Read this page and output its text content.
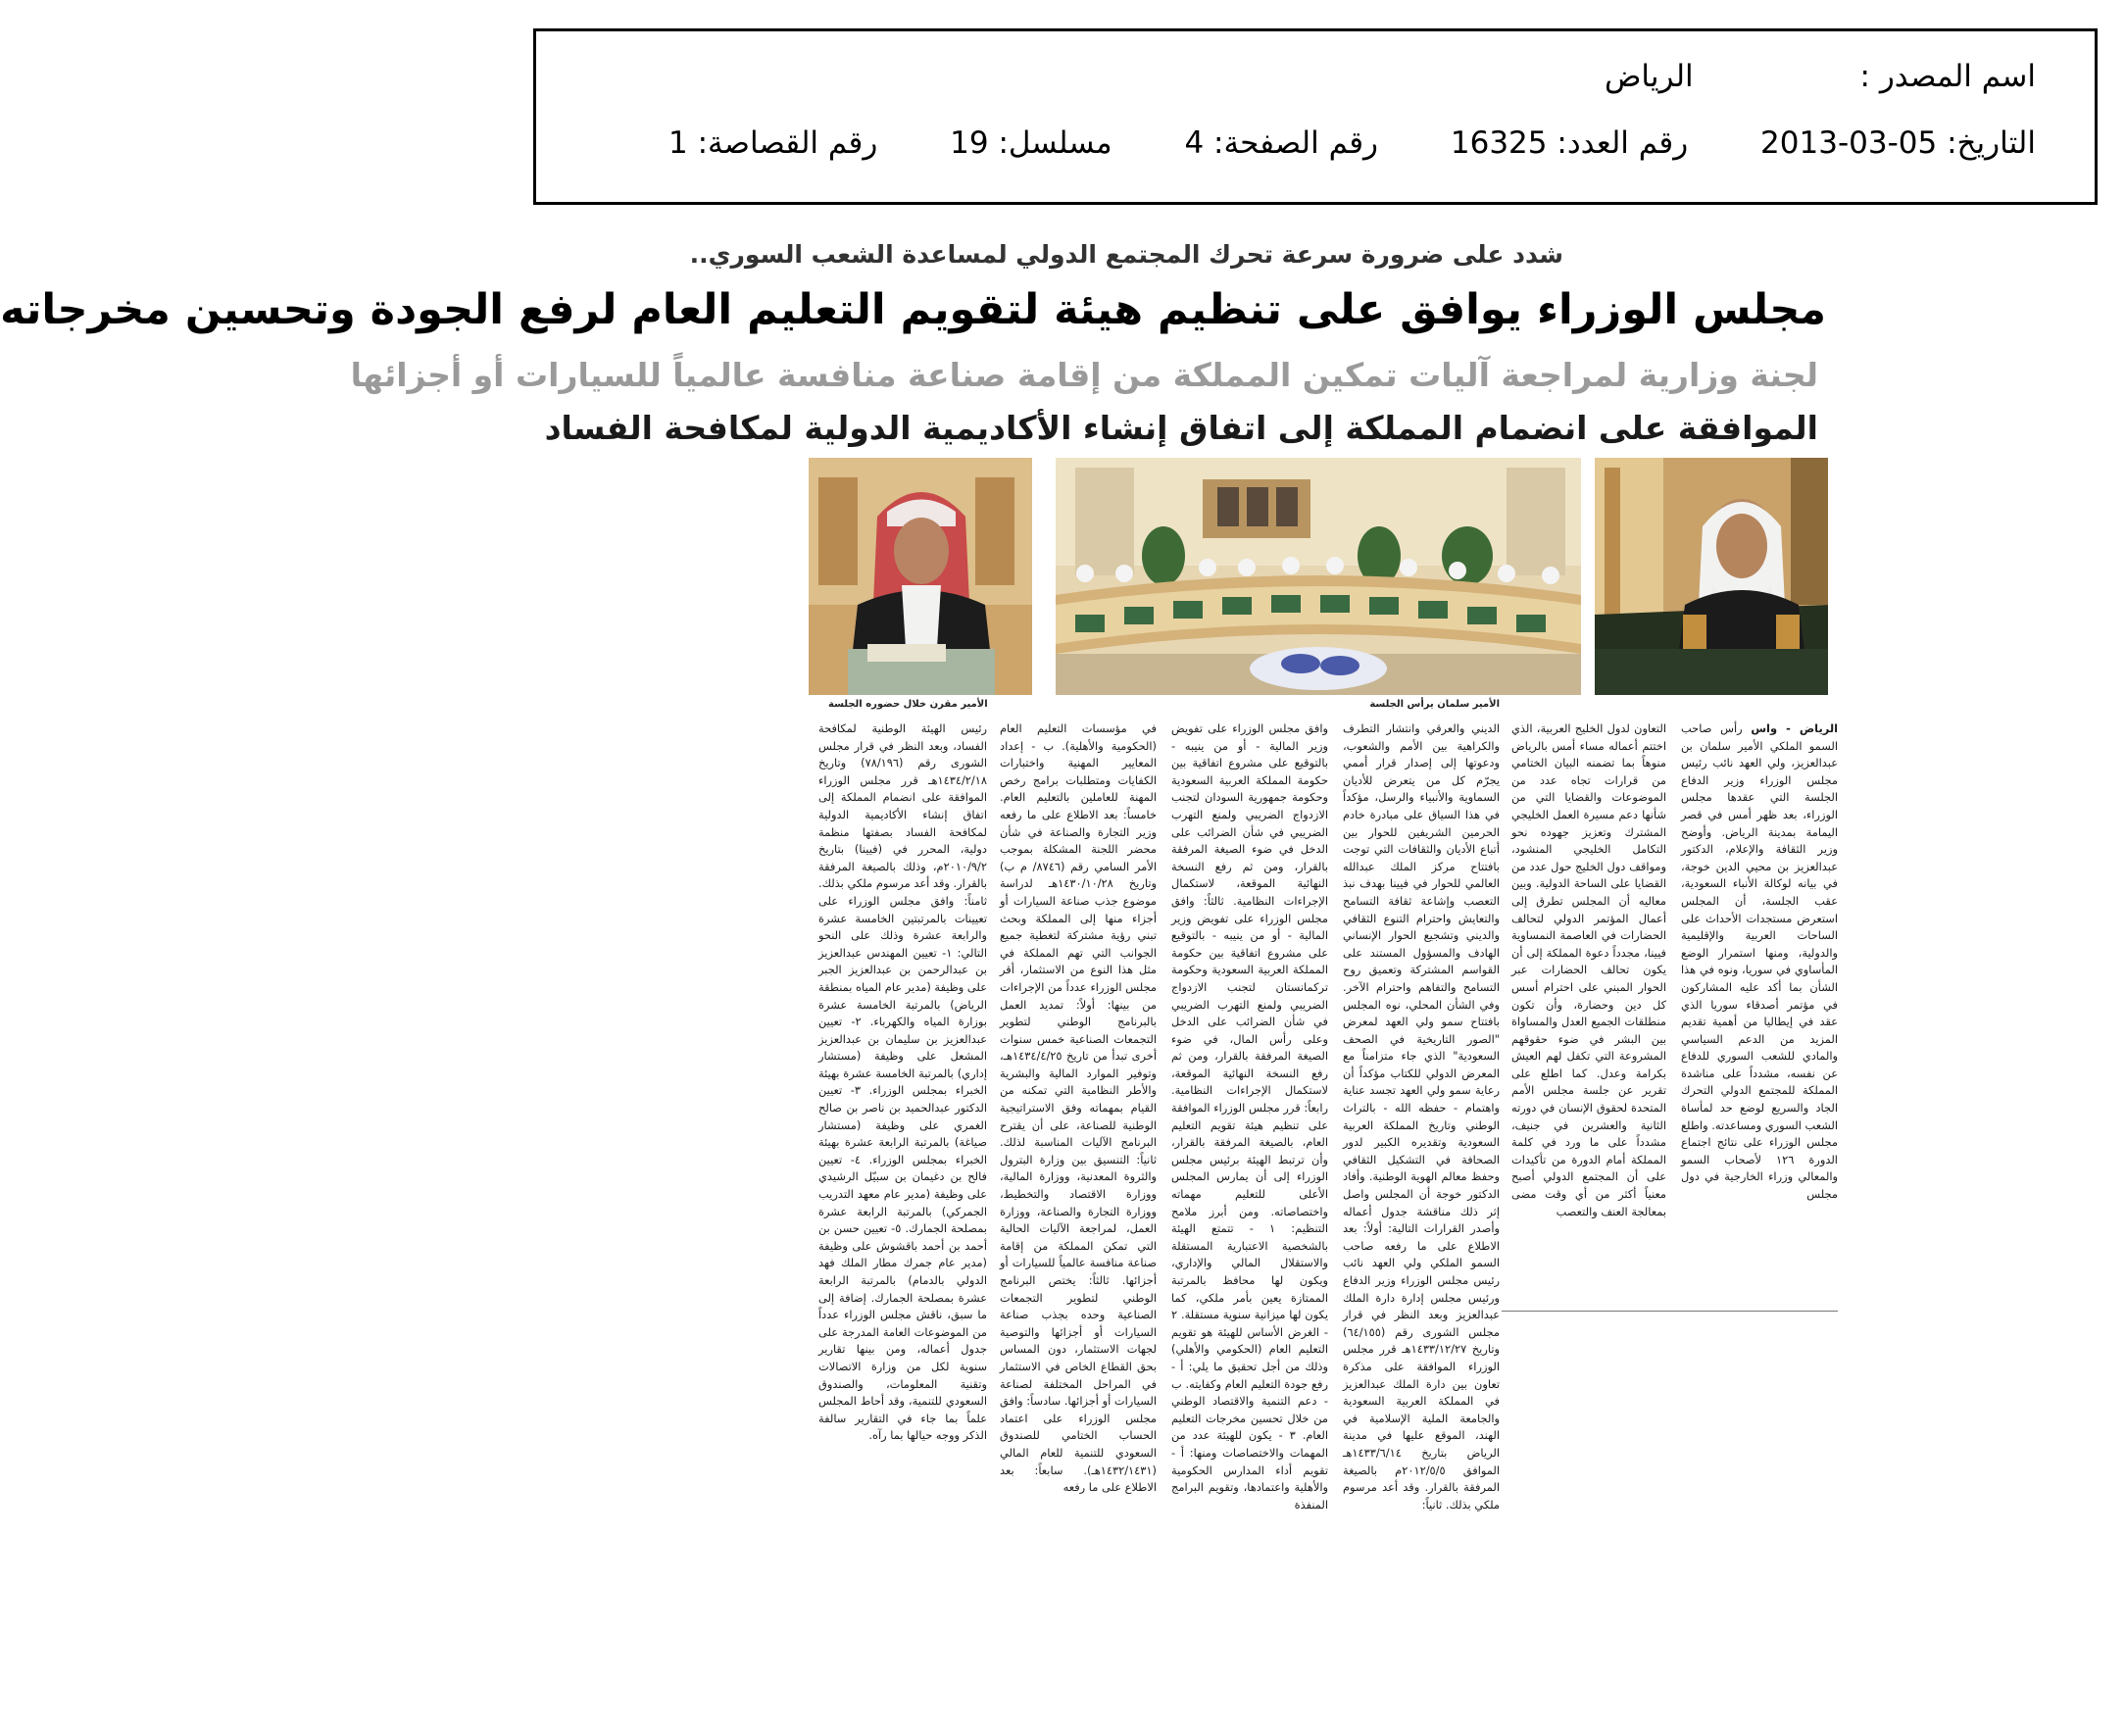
اسم المصدر : الرياض
التاريخ: 2013-03-05 رقم العدد: 16325 رقم الصفحة: 4 مسلسل: 19 رقم القصاصة: 1
شدد على ضرورة سرعة تحرك المجتمع الدولي لمساعدة الشعب السوري..
مجلس الوزراء يوافق على تنظيم هيئة لتقويم التعليم العام لرفع الجودة وتحسين مخرجاته
لجنة وزارية لمراجعة آليات تمكين المملكة من إقامة صناعة منافسة عالمياً للسيارات أو أجزائها
الموافقة على انضمام المملكة إلى اتفاق إنشاء الأكاديمية الدولية لمكافحة الفساد
الأمير سلمان يرأس الجلسة
الأمير مقرن خلال حضوره الجلسة

الرياض - واس رأس صاحب السمو الملكي الأمير سلمان بن عبدالعزيز، ولي العهد نائب رئيس مجلس الوزراء وزير الدفاع الجلسة التي عقدها مجلس الوزراء، بعد ظهر أمس في قصر اليمامة بمدينة الرياض. وأوضح وزير الثقافة والإعلام، الدكتور عبدالعزيز بن محيي الدين خوجة، في بيانه لوكالة الأنباء السعودية، عقب الجلسة، أن المجلس استعرض مستجدات الأحداث على الساحات العربية والإقليمية والدولية، ومنها استمرار الوضع المأساوي في سوريا، ونوه في هذا الشأن بما أكد عليه المشاركون في مؤتمر أصدقاء سوريا الذي عقد في إيطاليا من أهمية تقديم المزيد من الدعم السياسي والمادي للشعب السوري للدفاع عن نفسه، مشدداً على مناشدة المملكة للمجتمع الدولي التحرك الجاد والسريع لوضع حد لمأساة الشعب السوري ومساعدته. واطلع مجلس الوزراء على نتائج اجتماع الدورة ١٢٦ لأصحاب السمو والمعالي وزراء الخارجية في دول مجلس

التعاون لدول الخليج العربية، الذي اختتم أعماله مساء أمس بالرياض منوهاً بما تضمنه البيان الختامي من قرارات تجاه عدد من الموضوعات والقضايا التي من شأنها دعم مسيرة العمل الخليجي المشترك وتعزيز جهوده نحو التكامل الخليجي المنشود، ومواقف دول الخليج حول عدد من القضايا على الساحة الدولية. وبين معاليه أن المجلس تطرق إلى أعمال المؤتمر الدولي لتحالف الحضارات في العاصمة النمساوية فيينا، مجدداً دعوة المملكة إلى أن يكون تحالف الحضارات عبر الحوار المبني على احترام أسس كل دين وحضارة، وأن تكون منطلقات الجميع العدل والمساواة بين البشر في ضوء حقوقهم المشروعة التي تكفل لهم العيش بكرامة وعدل. كما اطلع على تقرير عن جلسة مجلس الأمم المتحدة لحقوق الإنسان في دورته الثانية والعشرين في جنيف، مشدداً على ما ورد في كلمة المملكة أمام الدورة من تأكيدات على أن المجتمع الدولي أصبح معنياً أكثر من أي وقت مضى بمعالجة العنف والتعصب

الديني والعرقي وانتشار التطرف والكراهية بين الأمم والشعوب، ودعوتها إلى إصدار قرار أممي يجرّم كل من يتعرض للأديان السماوية والأنبياء والرسل، مؤكداً في هذا السياق على مبادرة خادم الحرمين الشريفين للحوار بين أتباع الأديان والثقافات التي توجت بافتتاح مركز الملك عبدالله العالمي للحوار في فيينا بهدف نبذ التعصب وإشاعة ثقافة التسامح والتعايش واحترام التنوع الثقافي والديني وتشجيع الحوار الإنساني الهادف والمسؤول المستند على القواسم المشتركة وتعميق روح التسامح والتفاهم واحترام الآخر. وفي الشأن المحلي، نوه المجلس بافتتاح سمو ولي العهد لمعرض "الصور التاريخية في الصحف السعودية" الذي جاء متزامناً مع المعرض الدولي للكتاب مؤكداً أن رعاية سمو ولي العهد تجسد عناية واهتمام - حفظه الله - بالتراث الوطني وتاريخ المملكة العربية السعودية وتقديره الكبير لدور الصحافة في التشكيل الثقافي وحفظ معالم الهوية الوطنية. وأفاد الدكتور خوجة أن المجلس واصل إثر ذلك مناقشة جدول أعماله وأصدر القرارات التالية: أولاً: بعد الاطلاع على ما رفعه صاحب السمو الملكي ولي العهد نائب رئيس مجلس الوزراء وزير الدفاع ورئيس مجلس إدارة دارة الملك عبدالعزيز وبعد النظر في قرار مجلس الشورى رقم (٦٤/١٥٥) وتاريخ ١٤٣٣/١٢/٢٧هـ قرر مجلس الوزراء الموافقة على مذكرة تعاون بين دارة الملك عبدالعزيز في المملكة العربية السعودية والجامعة الملية الإسلامية في الهند، الموقع عليها في مدينة الرياض بتاريخ ١٤٣٣/٦/١٤هـ الموافق ٢٠١٢/٥/٥م بالصيغة المرفقة بالقرار. وقد أعد مرسوم ملكي بذلك. ثانياً:

وافق مجلس الوزراء على تفويض وزير المالية - أو من ينيبه - بالتوقيع على مشروع اتفاقية بين حكومة المملكة العربية السعودية وحكومة جمهورية السودان لتجنب الازدواج الضريبي ولمنع التهرب الضريبي في شأن الضرائب على الدخل في ضوء الصيغة المرفقة بالقرار، ومن ثم رفع النسخة النهائية الموقعة، لاستكمال الإجراءات النظامية. ثالثاً: وافق مجلس الوزراء على تفويض وزير المالية - أو من ينيبه - بالتوقيع على مشروع اتفاقية بين حكومة المملكة العربية السعودية وحكومة تركمانستان لتجنب الازدواج الضريبي ولمنع التهرب الضريبي في شأن الضرائب على الدخل وعلى رأس المال، في ضوء الصيغة المرفقة بالقرار، ومن ثم رفع النسخة النهائية الموقعة، لاستكمال الإجراءات النظامية. رابعاً: قرر مجلس الوزراء الموافقة على تنظيم هيئة تقويم التعليم العام، بالصيغة المرفقة بالقرار، وأن ترتبط الهيئة برئيس مجلس الوزراء إلى أن يمارس المجلس الأعلى للتعليم مهماته واختصاصاته. ومن أبرز ملامح التنظيم: ١ - تتمتع الهيئة بالشخصية الاعتبارية المستقلة والاستقلال المالي والإداري، ويكون لها محافظ بالمرتبة الممتازة يعين بأمر ملكي، كما يكون لها ميزانية سنوية مستقلة. ٢ - الغرض الأساس للهيئة هو تقويم التعليم العام (الحكومي والأهلي) وذلك من أجل تحقيق ما يلي: أ - رفع جودة التعليم العام وكفايته. ب - دعم التنمية والاقتصاد الوطني من خلال تحسين مخرجات التعليم العام. ٣ - يكون للهيئة عدد من المهمات والاختصاصات ومنها: أ - تقويم أداء المدارس الحكومية والأهلية واعتمادها، وتقويم البرامج المنفذة

في مؤسسات التعليم العام (الحكومية والأهلية). ب - إعداد المعايير المهنية واختبارات الكفايات ومتطلبات برامج رخص المهنة للعاملين بالتعليم العام. خامساً: بعد الاطلاع على ما رفعه وزير التجارة والصناعة في شأن محضر اللجنة المشكلة بموجب الأمر السامي رقم (٨٧٤٦/ م ب) وتاريخ ١٤٣٠/١٠/٢٨هـ لدراسة موضوع جذب صناعة السيارات أو أجزاء منها إلى المملكة وبحث تبني رؤية مشتركة لتغطية جميع الجوانب التي تهم المملكة في مثل هذا النوع من الاستثمار، أقر مجلس الوزراء عدداً من الإجراءات من بينها: أولاً: تمديد العمل بالبرنامج الوطني لتطوير التجمعات الصناعية خمس سنوات أخرى تبدأ من تاريخ ١٤٣٤/٤/٢٥هـ، وتوفير الموارد المالية والبشرية والأطر النظامية التي تمكنه من القيام بمهماته وفق الاستراتيجية الوطنية للصناعة، على أن يقترح البرنامج الآليات المناسبة لذلك. ثانياً: التنسيق بين وزارة البترول والثروة المعدنية، ووزارة المالية، ووزارة الاقتصاد والتخطيط، ووزارة التجارة والصناعة، ووزارة العمل، لمراجعة الآليات الحالية التي تمكن المملكة من إقامة صناعة منافسة عالمياً للسيارات أو أجزائها. ثالثاً: يختص البرنامج الوطني لتطوير التجمعات الصناعية وحده بجذب صناعة السيارات أو أجزائها والتوصية لجهات الاستثمار، دون المساس بحق القطاع الخاص في الاستثمار في المراحل المختلفة لصناعة السيارات أو أجزائها. سادساً: وافق مجلس الوزراء على اعتماد الحساب الختامي للصندوق السعودي للتنمية للعام المالي (١٤٣٢/١٤٣١هـ). سابعاً: بعد الاطلاع على ما رفعه

رئيس الهيئة الوطنية لمكافحة الفساد، وبعد النظر في قرار مجلس الشورى رقم (٧٨/١٩٦) وتاريخ ١٤٣٤/٢/١٨هـ قرر مجلس الوزراء الموافقة على انضمام المملكة إلى اتفاق إنشاء الأكاديمية الدولية لمكافحة الفساد بصفتها منظمة دولية، المحرر في (فيينا) بتاريخ ٢٠١٠/٩/٢م، وذلك بالصيغة المرفقة بالقرار. وقد أعد مرسوم ملكي بذلك. ثامناً: وافق مجلس الوزراء على تعيينات بالمرتبتين الخامسة عشرة والرابعة عشرة وذلك على النحو التالي: ١- تعيين المهندس عبدالعزيز بن عبدالرحمن بن عبدالعزيز الجبر على وظيفة (مدير عام المياه بمنطقة الرياض) بالمرتبة الخامسة عشرة بوزارة المياه والكهرباء. ٢- تعيين عبدالعزيز بن سليمان بن عبدالعزيز المشعل على وظيفة (مستشار إداري) بالمرتبة الخامسة عشرة بهيئة الخبراء بمجلس الوزراء. ٣- تعيين الدكتور عبدالحميد بن ناصر بن صالح الغمري على وظيفة (مستشار صياغة) بالمرتبة الرابعة عشرة بهيئة الخبراء بمجلس الوزراء. ٤- تعيين فالح بن دغيمان بن سبيّل الرشيدي على وظيفة (مدير عام معهد التدريب الجمركي) بالمرتبة الرابعة عشرة بمصلحة الجمارك. ٥- تعيين حسن بن أحمد بن أحمد باقشوش على وظيفة (مدير عام جمرك مطار الملك فهد الدولي بالدمام) بالمرتبة الرابعة عشرة بمصلحة الجمارك. إضافة إلى ما سبق، ناقش مجلس الوزراء عدداً من الموضوعات العامة المدرجة على جدول أعماله، ومن بينها تقارير سنوية لكل من وزارة الاتصالات وتقنية المعلومات، والصندوق السعودي للتنمية، وقد أحاط المجلس علماً بما جاء في التقارير سالفة الذكر ووجه حيالها بما رآه.
